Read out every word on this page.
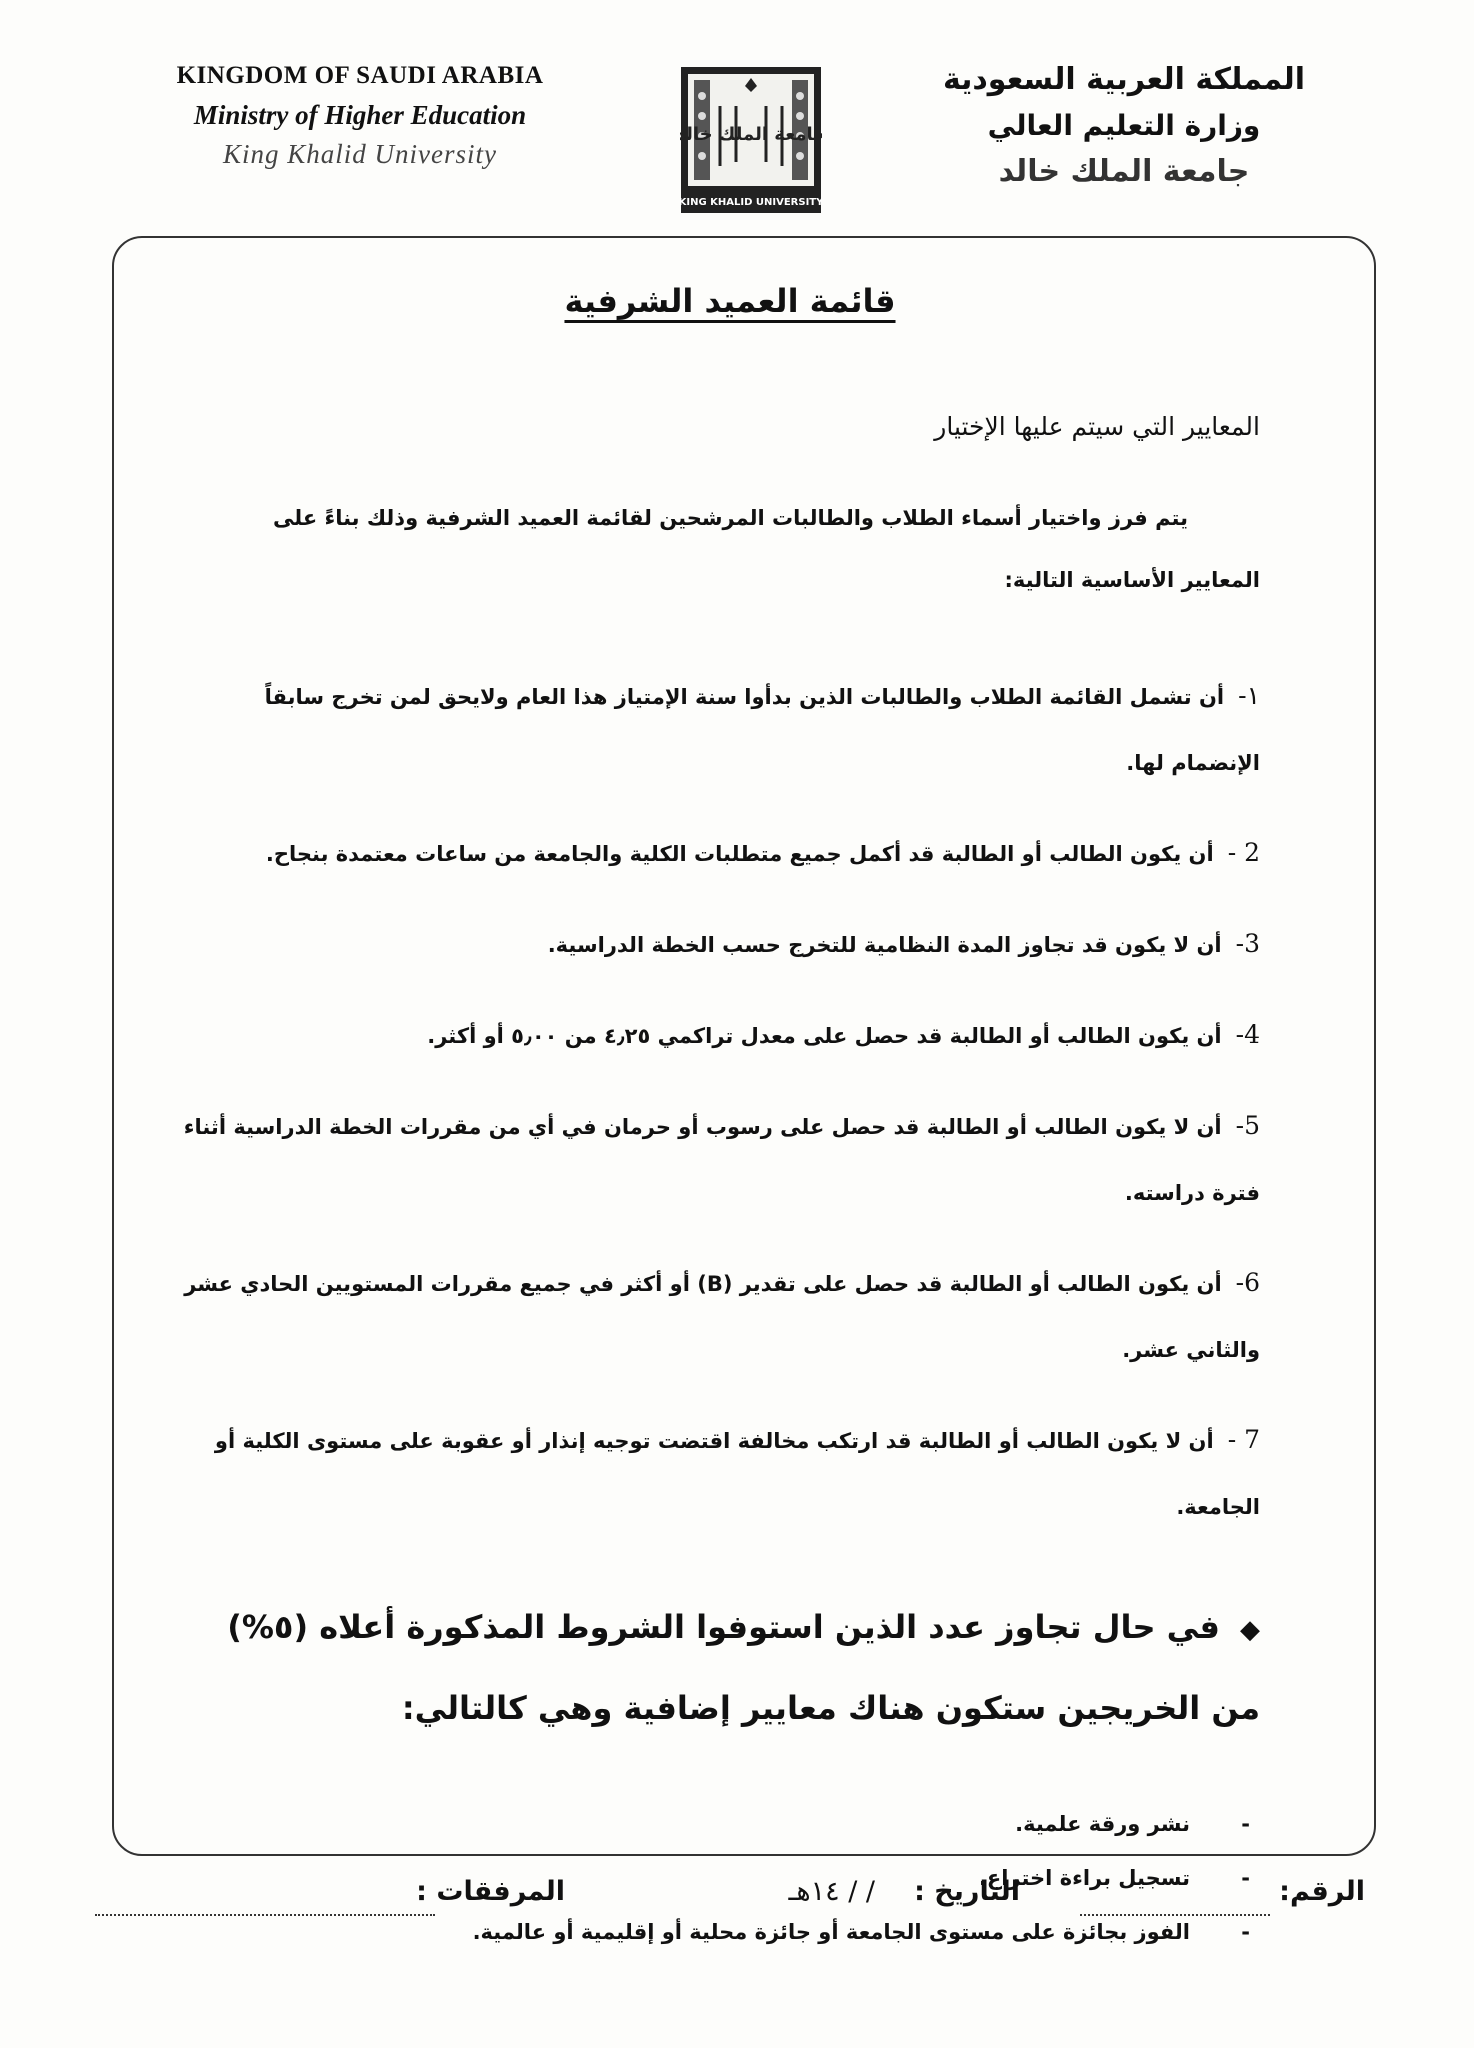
KINGDOM OF SAUDI ARABIA
Ministry of Higher Education
King Khalid University
جامعة الملك خالد
KING KHALID UNIVERSITY
المملكة العربية السعودية
وزارة التعليم العالي
جامعة الملك خالد
قائمة العميد الشرفية
المعايير التي سيتم عليها الإختيار
يتم فرز واختيار أسماء الطلاب والطالبات المرشحين لقائمة العميد الشرفية وذلك بناءً على
المعايير الأساسية التالية:
١-أن تشمل القائمة الطلاب والطالبات الذين بدأوا سنة الإمتياز هذا العام ولايحق لمن تخرج سابقاً الإنضمام لها.
2 -أن يكون الطالب أو الطالبة قد أكمل جميع متطلبات الكلية والجامعة من ساعات معتمدة بنجاح.
3-أن لا يكون قد تجاوز المدة النظامية للتخرج حسب الخطة الدراسية.
4-أن يكون الطالب أو الطالبة قد حصل على معدل تراكمي ٤٫٢٥ من ٥٫٠٠ أو أكثر.
5-أن لا يكون الطالب أو الطالبة قد حصل على رسوب أو حرمان في أي من مقررات الخطة الدراسية أثناء فترة دراسته.
6-أن يكون الطالب أو الطالبة قد حصل على تقدير (B) أو أكثر في جميع مقررات المستويين الحادي عشر والثاني عشر.
7 -أن لا يكون الطالب أو الطالبة قد ارتكب مخالفة اقتضت توجيه إنذار أو عقوبة على مستوى الكلية أو الجامعة.
◆في حال تجاوز عدد الذين استوفوا الشروط المذكورة أعلاه (٥%) من الخريجين ستكون هناك معايير إضافية وهي كالتالي:
-نشر ورقة علمية.
-تسجيل براءة اختراع.
-الفوز بجائزة على مستوى الجامعة أو جائزة محلية أو إقليمية أو عالمية.
الرقم:
التاريخ :
/ / ١٤هـ
المرفقات :
